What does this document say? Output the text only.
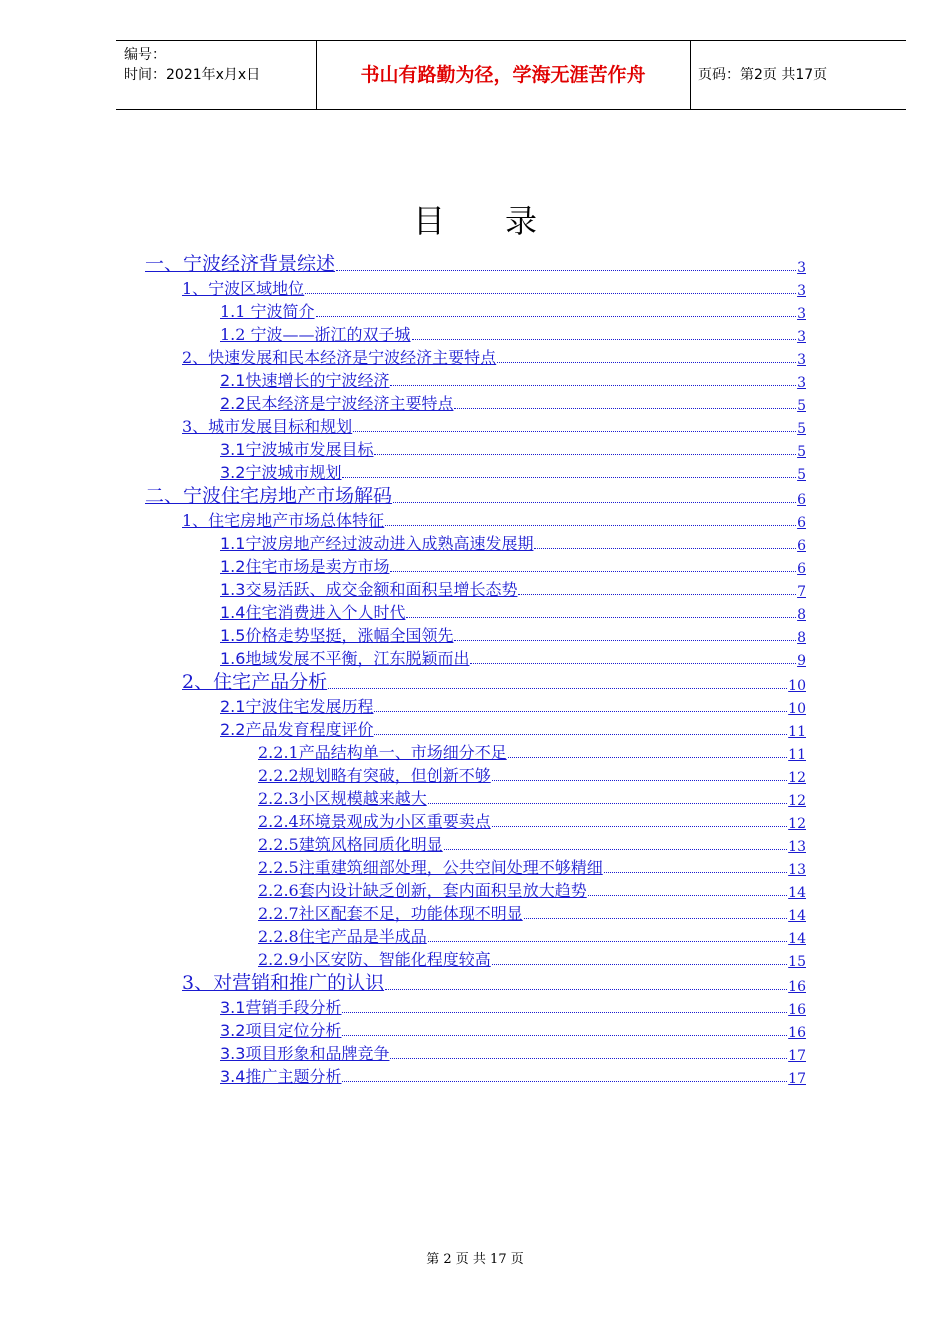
编号：
时间：2021年x月x日	书山有路勤为径，学海无涯苦作舟	页码：第2页 共17页
目录
一、宁波经济背景综述	3
1、宁波区域地位	3
1.1 宁波简介	3
1.2 宁波——浙江的双子城	3
2、快速发展和民本经济是宁波经济主要特点	3
2.1快速增长的宁波经济	3
2.2民本经济是宁波经济主要特点	5
3、城市发展目标和规划	5
3.1宁波城市发展目标	5
3.2宁波城市规划	5
二、宁波住宅房地产市场解码	6
1、住宅房地产市场总体特征	6
1.1宁波房地产经过波动进入成熟高速发展期	6
1.2住宅市场是卖方市场	6
1.3交易活跃、成交金额和面积呈增长态势	7
1.4住宅消费进入个人时代	8
1.5价格走势坚挺，涨幅全国领先	8
1.6地域发展不平衡，江东脱颖而出	9
2、住宅产品分析	10
2.1宁波住宅发展历程	10
2.2产品发育程度评价	11
2.2.1产品结构单一、市场细分不足	11
2.2.2规划略有突破，但创新不够	12
2.2.3小区规模越来越大	12
2.2.4环境景观成为小区重要卖点	12
2.2.5建筑风格同质化明显	13
2.2.5注重建筑细部处理，公共空间处理不够精细	13
2.2.6套内设计缺乏创新，套内面积呈放大趋势	14
2.2.7社区配套不足，功能体现不明显	14
2.2.8住宅产品是半成品	14
2.2.9小区安防、智能化程度较高	15
3、对营销和推广的认识	16
3.1营销手段分析	16
3.2项目定位分析	16
3.3项目形象和品牌竞争	17
3.4推广主题分析	17
第 2 页 共 17 页
